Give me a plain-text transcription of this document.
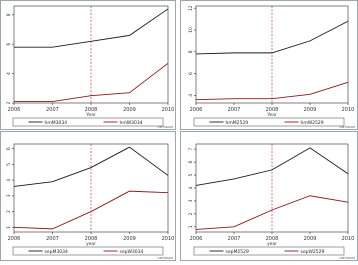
2
4
6
8
2006	2007	2008	2009	2010
Year
hmM3034	hmW3034
OM'MDOM
4
6
8
10
12
2006	2007	2008	2009	2010
Year
hmM2529	hmW2529
OM'MDOM
1
2
3
4
5
6
2006	2007	2008	2009	2010
year
sepM3034	sepW3034
OM'MDOM
1
2
3
4
5
6
7
2006	2007	2008	2009	2010
year
sepM2529	sepW2529
OM'MDOM
